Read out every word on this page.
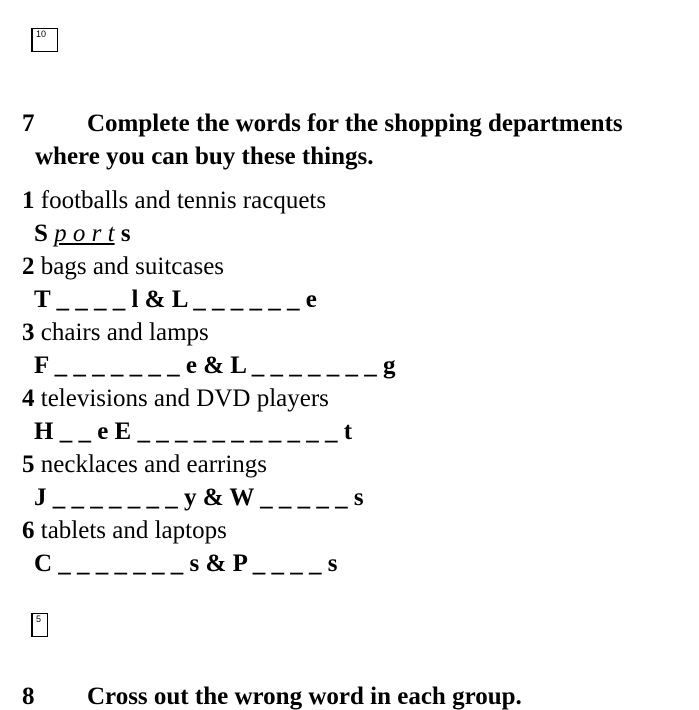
10
7 Complete the words for the shopping departments
where you can buy these things.
1 footballs and tennis racquets
S p o r t s
2 bags and suitcases
T _ _ _ _ l & L _ _ _ _ _ _ e
3 chairs and lamps
F _ _ _ _ _ _ _ e & L _ _ _ _ _ _ _ g
4 televisions and DVD players
H _ _ e E _ _ _ _ _ _ _ _ _ _ _ t
5 necklaces and earrings
J _ _ _ _ _ _ _ y & W _ _ _ _ _ s
6 tablets and laptops
C _ _ _ _ _ _ _ s & P _ _ _ _ s
5
8 Cross out the wrong word in each group.
